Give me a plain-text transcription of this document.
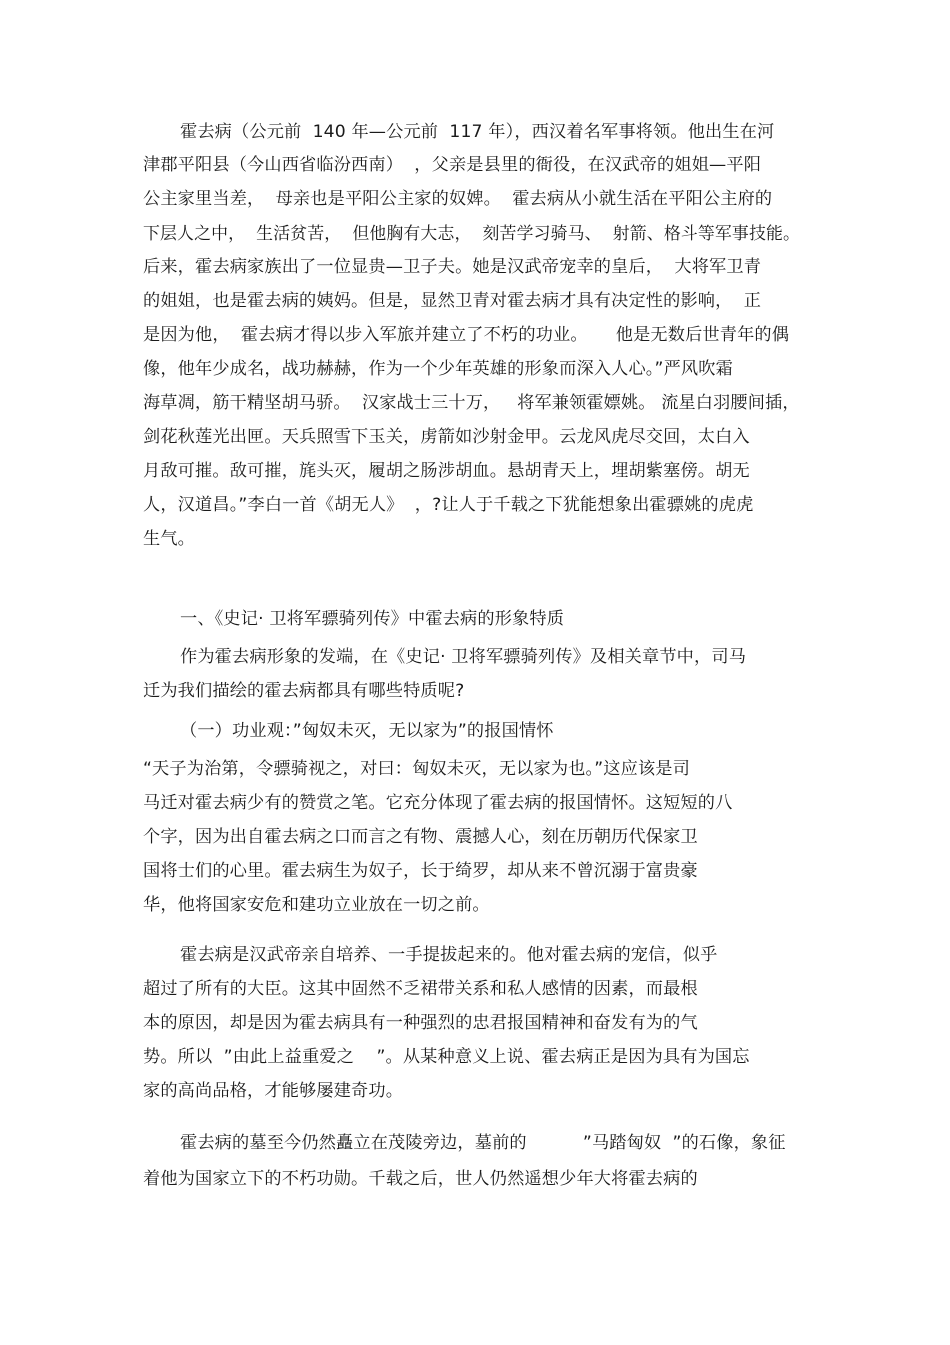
霍去病（公元前  140 年—公元前  117 年），西汉着名军事将领。他出生在河
津郡平阳县（今山西省临汾西南）  ，父亲是县里的衙役，在汉武帝的姐姐—平阳
公主家里当差，  母亲也是平阳公主家的奴婢。  霍去病从小就生活在平阳公主府的
下层人之中，  生活贫苦，  但他胸有大志，  刻苦学习骑马、  射箭、格斗等军事技能。
后来，霍去病家族出了一位显贵—卫子夫。她是汉武帝宠幸的皇后，  大将军卫青
的姐姐，也是霍去病的姨妈。但是，显然卫青对霍去病才具有决定性的影响，  正
是因为他，  霍去病才得以步入军旅并建立了不朽的功业。     他是无数后世青年的偶
像，他年少成名，战功赫赫，作为一个少年英雄的形象而深入人心。”严风吹霜
海草凋，筋干精坚胡马骄。  汉家战士三十万，   将军兼领霍嫖姚。 流星白羽腰间插，
剑花秋莲光出匣。天兵照雪下玉关，虏箭如沙射金甲。云龙风虎尽交回，太白入
月敌可摧。敌可摧，旄头灭，履胡之肠涉胡血。悬胡青天上，埋胡紫塞傍。胡无
人，汉道昌。”李白一首《胡无人》  ，?让人于千载之下犹能想象出霍骠姚的虎虎
生气。
一、《史记· 卫将军骠骑列传》中霍去病的形象特质
作为霍去病形象的发端，在《史记· 卫将军骠骑列传》及相关章节中，司马
迁为我们描绘的霍去病都具有哪些特质呢?
（一）功业观：”匈奴未灭，无以家为”的报国情怀
“天子为治第，令骠骑视之，对曰：匈奴未灭，无以家为也。”这应该是司
马迁对霍去病少有的赞赏之笔。它充分体现了霍去病的报国情怀。这短短的八
个字，因为出自霍去病之口而言之有物、震撼人心，刻在历朝历代保家卫
国将士们的心里。霍去病生为奴子，长于绮罗，却从来不曾沉溺于富贵豪
华，他将国家安危和建功立业放在一切之前。
霍去病是汉武帝亲自培养、一手提拔起来的。他对霍去病的宠信，似乎
超过了所有的大臣。这其中固然不乏裙带关系和私人感情的因素，而最根
本的原因，却是因为霍去病具有一种强烈的忠君报国精神和奋发有为的气
势。所以  ”由此上益重爱之    ”。从某种意义上说、霍去病正是因为具有为国忘
家的高尚品格，才能够屡建奇功。
霍去病的墓至今仍然矗立在茂陵旁边，墓前的          ”马踏匈奴  ”的石像，象征
着他为国家立下的不朽功勋。千载之后，世人仍然遥想少年大将霍去病的
